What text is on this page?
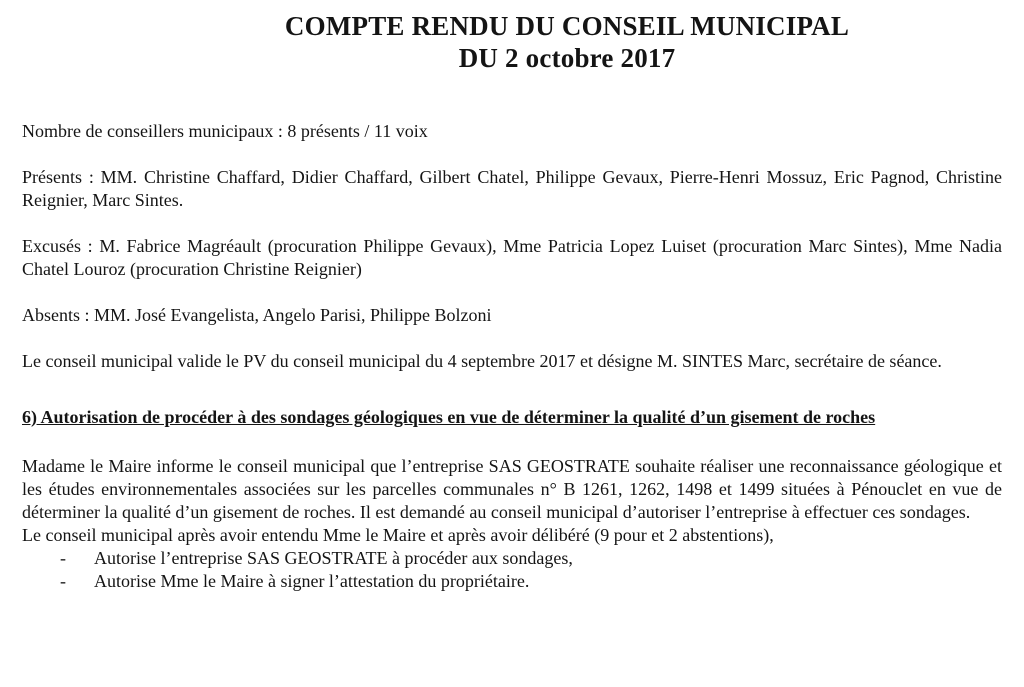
COMPTE RENDU DU CONSEIL MUNICIPAL
DU 2 octobre 2017

Nombre de conseillers municipaux : 8 présents / 11 voix

Présents : MM. Christine Chaffard, Didier Chaffard, Gilbert Chatel, Philippe Gevaux, Pierre-Henri Mossuz, Eric Pagnod, Christine Reignier, Marc Sintes.

Excusés : M. Fabrice Magréault (procuration Philippe Gevaux), Mme Patricia Lopez Luiset (procuration Marc Sintes), Mme Nadia Chatel Louroz (procuration Christine Reignier)

Absents : MM. José Evangelista, Angelo Parisi, Philippe Bolzoni

Le conseil municipal valide le PV du conseil municipal du 4 septembre 2017 et désigne M. SINTES Marc, secrétaire de séance.

6) Autorisation de procéder à des sondages géologiques en vue de déterminer la qualité d’un gisement de roches

Madame le Maire informe le conseil municipal que l’entreprise SAS GEOSTRATE souhaite réaliser une reconnaissance géologique et les études environnementales associées sur les parcelles communales n° B 1261, 1262, 1498 et 1499 situées à Pénouclet en vue de déterminer la qualité d’un gisement de roches. Il est demandé au conseil municipal d’autoriser l’entreprise à effectuer ces sondages.

Le conseil municipal après avoir entendu Mme le Maire et après avoir délibéré (9 pour et 2 abstentions),

- Autorise l’entreprise SAS GEOSTRATE à procéder aux sondages,
- Autorise Mme le Maire à signer l’attestation du propriétaire.
